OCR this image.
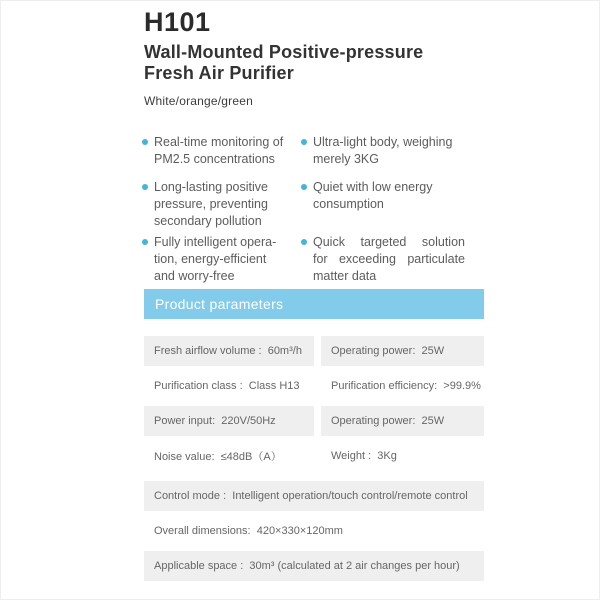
H101
Wall-Mounted Positive-pressure
Fresh Air Purifier
White/orange/green
Real-time monitoring of
PM2.5 concentrations
Long-lasting positive
pressure, preventing
secondary pollution
Fully intelligent opera-
tion, energy-efficient
and worry-free
Ultra-light body, weighing
merely 3KG
Quiet with low energy
consumption
Quick targeted solution
for exceeding particulate
matter data
Product parameters
Fresh airflow volume :  60m³/h	Operating power:  25W
Purification class :  Class H13	Purification efficiency:  >99.9%
Power input:  220V/50Hz	Operating power:  25W
Noise value:  ≤48dB（A）	Weight :  3Kg
Control mode :  Intelligent operation/touch control/remote control
Overall dimensions:  420×330×120mm
Applicable space :  30m³ (calculated at 2 air changes per hour)
